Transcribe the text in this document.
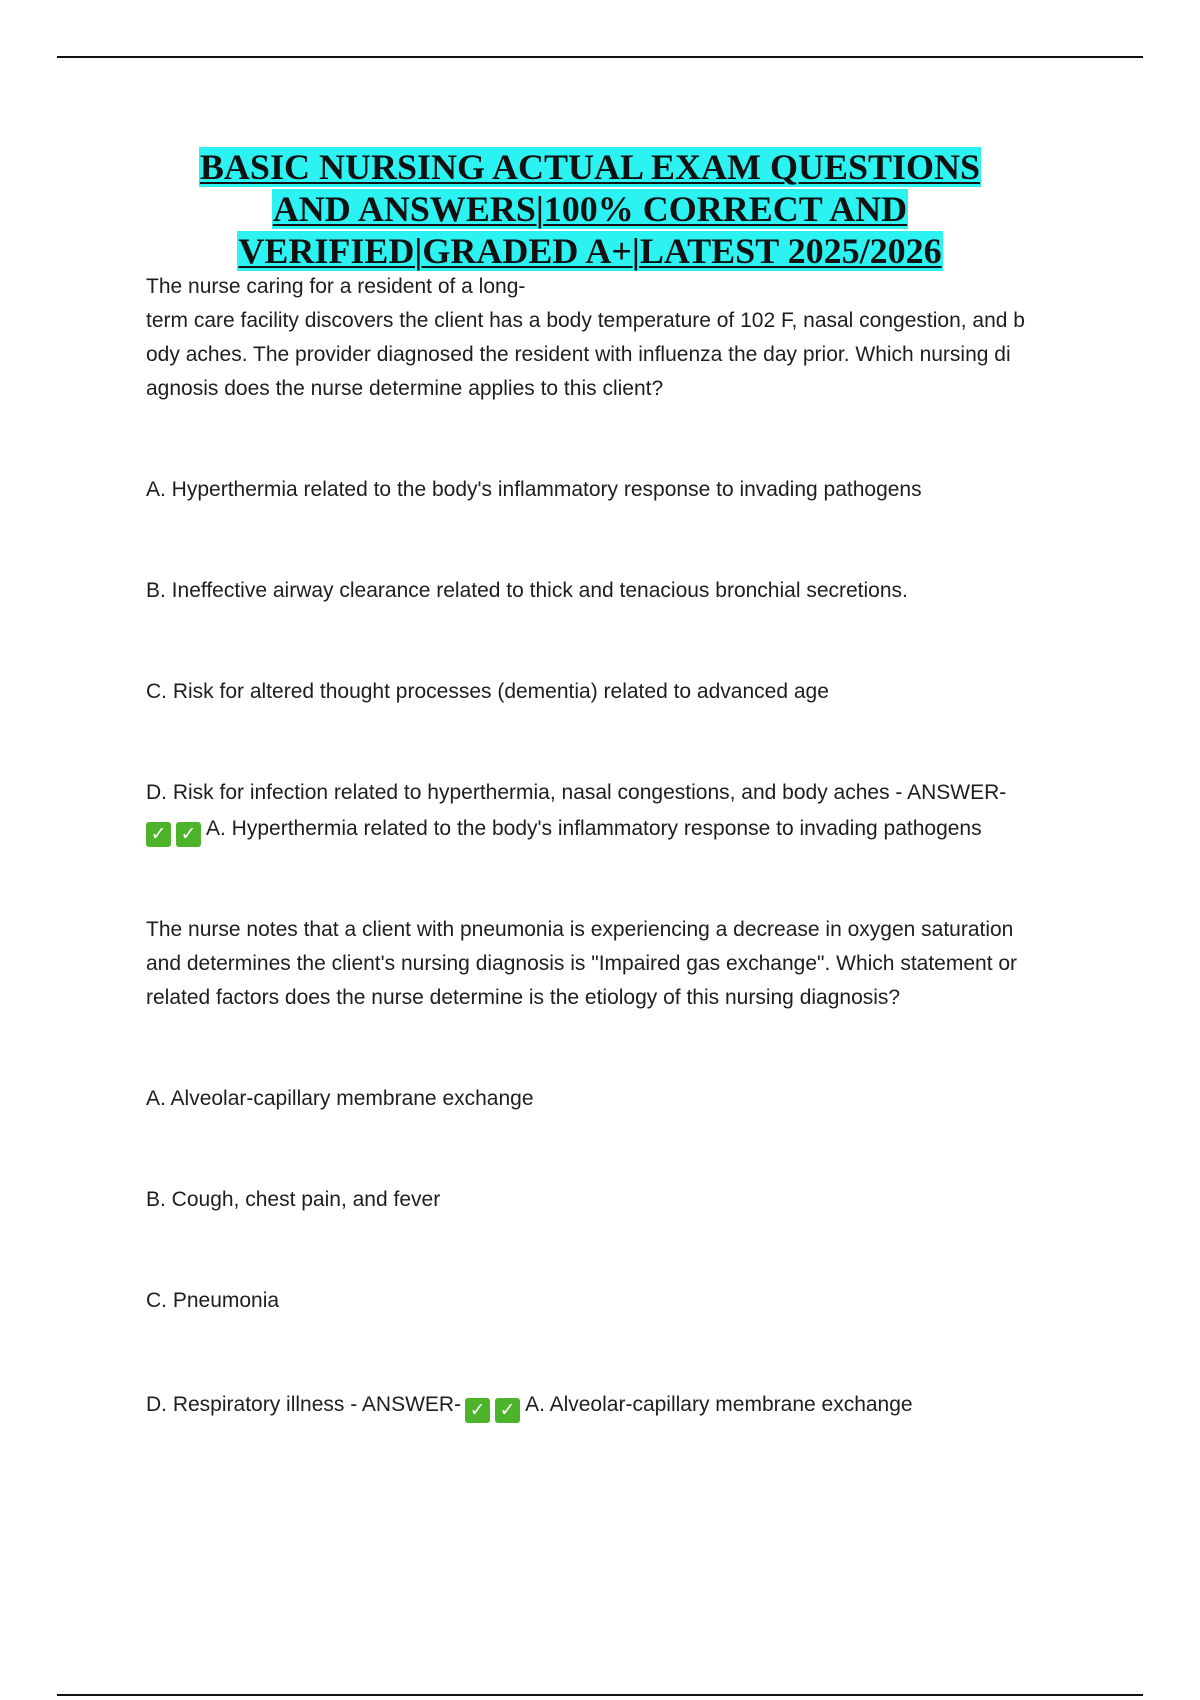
BASIC NURSING ACTUAL EXAM QUESTIONS
AND ANSWERS|100% CORRECT AND
VERIFIED|GRADED A+|LATEST 2025/2026
The nurse caring for a resident of a long-
term care facility discovers the client has a body temperature of 102 F, nasal congestion, and b
ody aches. The provider diagnosed the resident with influenza the day prior. Which nursing di
agnosis does the nurse determine applies to this client?
A. Hyperthermia related to the body's inflammatory response to invading pathogens
B. Ineffective airway clearance related to thick and tenacious bronchial secretions.
C. Risk for altered thought processes (dementia) related to advanced age
D. Risk for infection related to hyperthermia, nasal congestions, and body aches - ANSWER-
✓ ✓ A. Hyperthermia related to the body's inflammatory response to invading pathogens
The nurse notes that a client with pneumonia is experiencing a decrease in oxygen saturation
and determines the client's nursing diagnosis is "Impaired gas exchange". Which statement or
related factors does the nurse determine is the etiology of this nursing diagnosis?
A. Alveolar-capillary membrane exchange
B. Cough, chest pain, and fever
C. Pneumonia
D. Respiratory illness - ANSWER- ✓ ✓ A. Alveolar-capillary membrane exchange
